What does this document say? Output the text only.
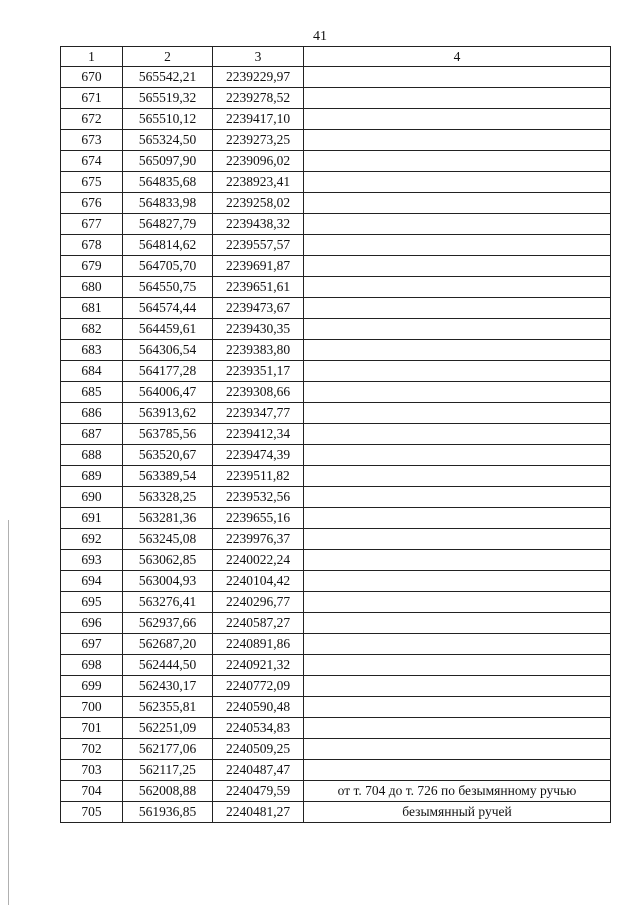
41
1	2	3	4
670	565542,21	2239229,97	
671	565519,32	2239278,52	
672	565510,12	2239417,10	
673	565324,50	2239273,25	
674	565097,90	2239096,02	
675	564835,68	2238923,41	
676	564833,98	2239258,02	
677	564827,79	2239438,32	
678	564814,62	2239557,57	
679	564705,70	2239691,87	
680	564550,75	2239651,61	
681	564574,44	2239473,67	
682	564459,61	2239430,35	
683	564306,54	2239383,80	
684	564177,28	2239351,17	
685	564006,47	2239308,66	
686	563913,62	2239347,77	
687	563785,56	2239412,34	
688	563520,67	2239474,39	
689	563389,54	2239511,82	
690	563328,25	2239532,56	
691	563281,36	2239655,16	
692	563245,08	2239976,37	
693	563062,85	2240022,24	
694	563004,93	2240104,42	
695	563276,41	2240296,77	
696	562937,66	2240587,27	
697	562687,20	2240891,86	
698	562444,50	2240921,32	
699	562430,17	2240772,09	
700	562355,81	2240590,48	
701	562251,09	2240534,83	
702	562177,06	2240509,25	
703	562117,25	2240487,47	
704	562008,88	2240479,59	от т. 704 до т. 726 по безымянному ручью
705	561936,85	2240481,27	безымянный ручей
